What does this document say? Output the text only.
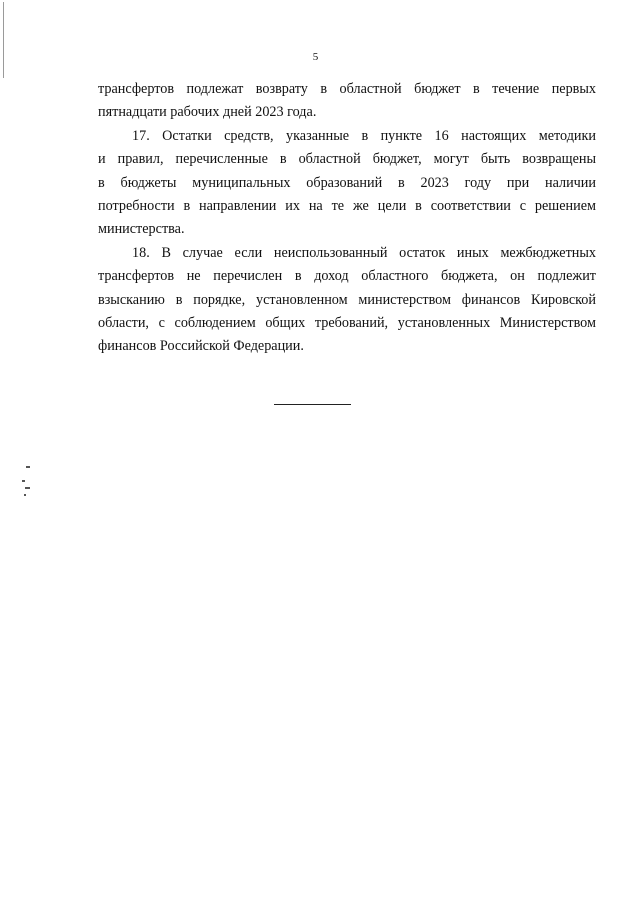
5
трансфертов подлежат возврату в областной бюджет в течение первых
пятнадцати рабочих дней 2023 года.
17. Остатки средств, указанные в пункте 16 настоящих методики
и правил, перечисленные в областной бюджет, могут быть возвращены
в бюджеты муниципальных образований в 2023 году при наличии
потребности в направлении их на те же цели в соответствии с решением
министерства.
18. В случае если неиспользованный остаток иных межбюджетных
трансфертов не перечислен в доход областного бюджета, он подлежит
взысканию в порядке, установленном министерством финансов Кировской
области, с соблюдением общих требований, установленных Министерством
финансов Российской Федерации.
